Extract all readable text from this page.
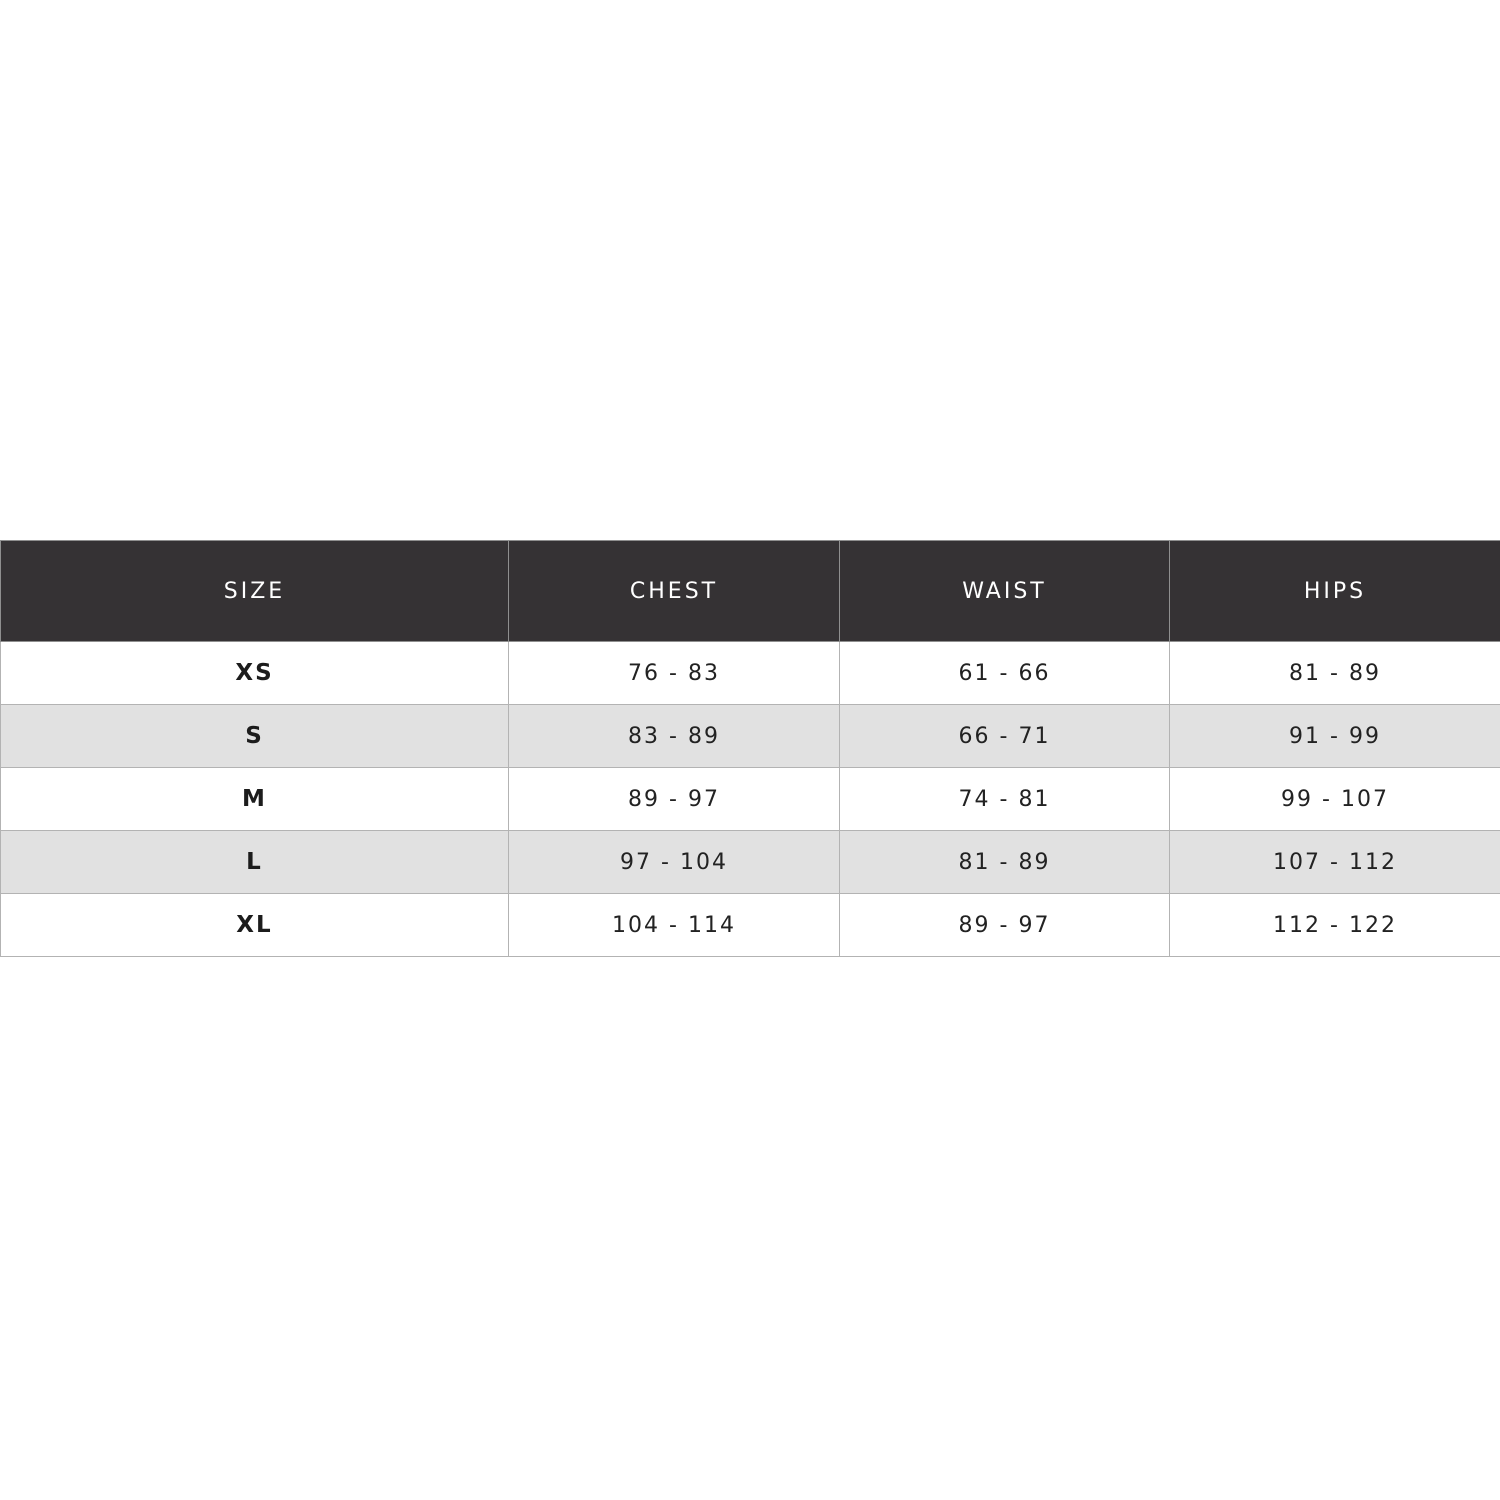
SIZE	CHEST	WAIST	HIPS
XS	76 - 83	61 - 66	81 - 89
S	83 - 89	66 - 71	91 - 99
M	89 - 97	74 - 81	99 - 107
L	97 - 104	81 - 89	107 - 112
XL	104 - 114	89 - 97	112 - 122
